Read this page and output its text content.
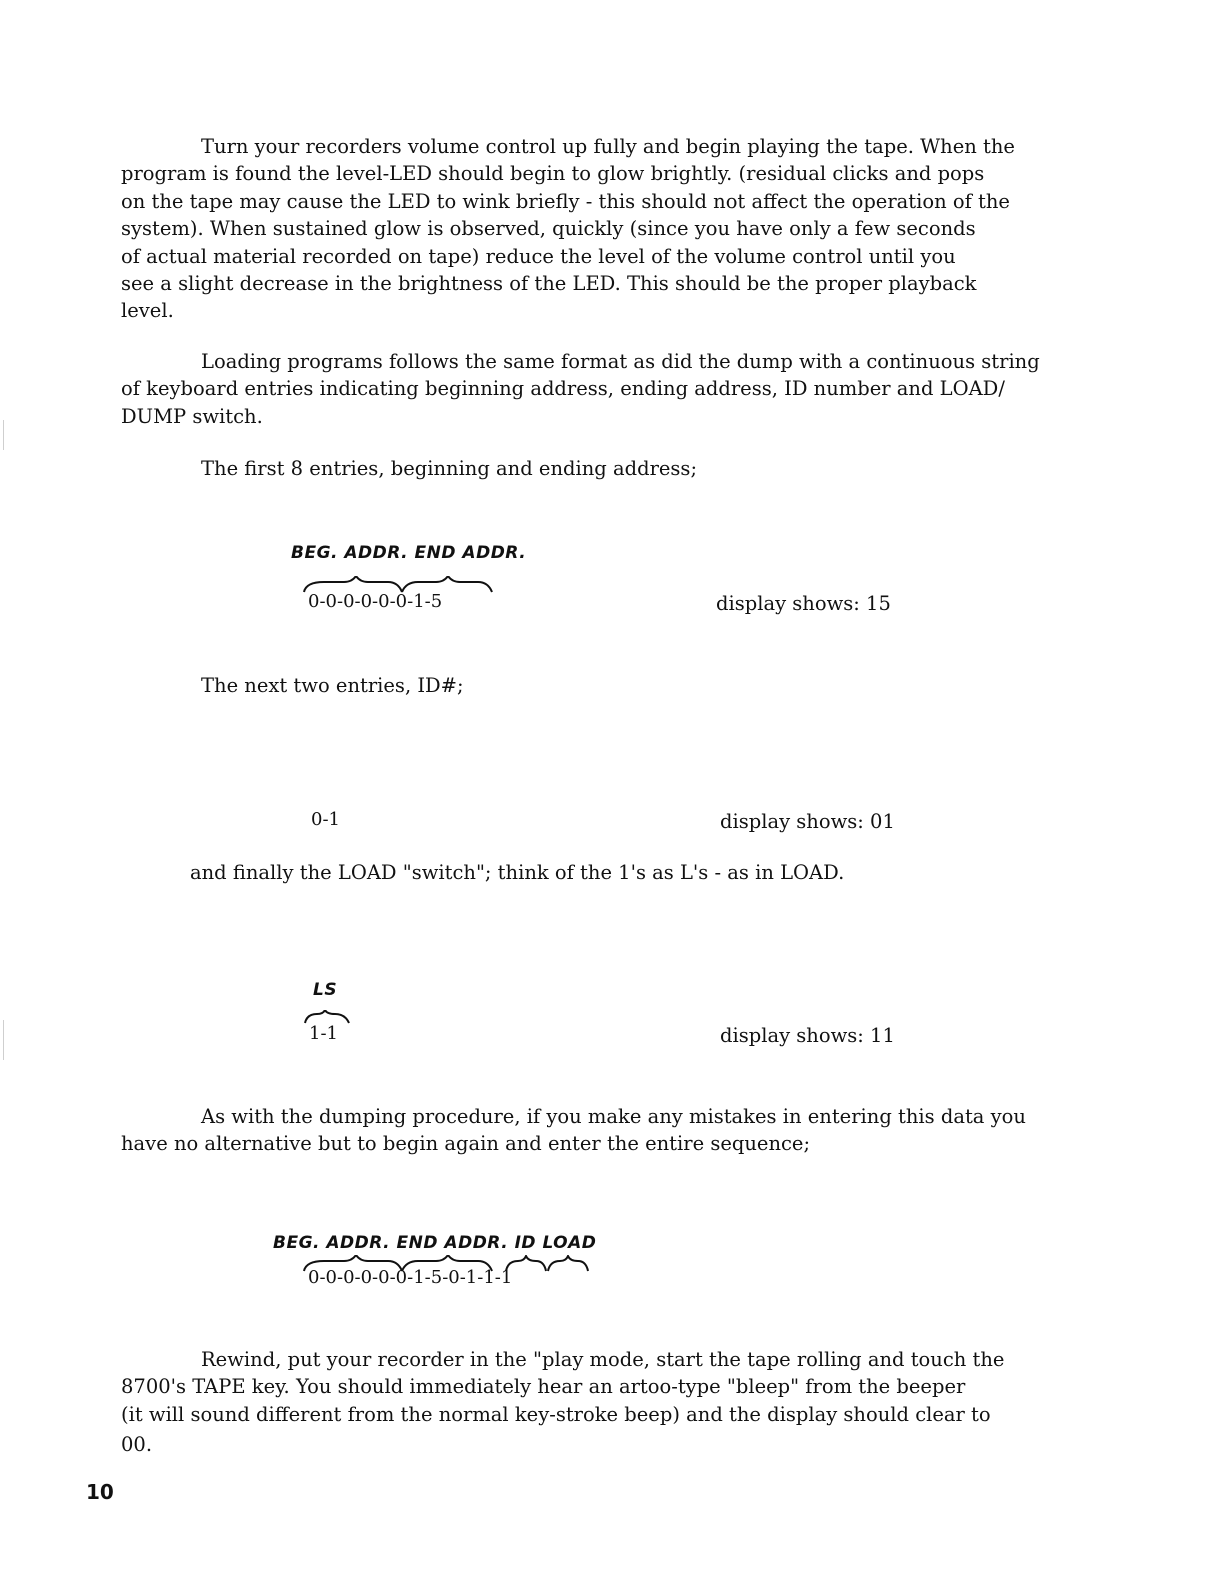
Turn your recorders volume control up fully and begin playing the tape. When the
program is found the level-LED should begin to glow brightly. (residual clicks and pops
on the tape may cause the LED to wink briefly - this should not affect the operation of the
system). When sustained glow is observed, quickly (since you have only a few seconds
of actual material recorded on tape) reduce the level of the volume control until you
see a slight decrease in the brightness of the LED. This should be the proper playback
level.
Loading programs follows the same format as did the dump with a continuous string
of keyboard entries indicating beginning address, ending address, ID number and LOAD/
DUMP switch.
The first 8 entries, beginning and ending address;
BEG. ADDR. END ADDR.
0-0-0-0-0-0-1-5	display shows: 15
The next two entries, ID#;
0-1	display shows: 01
and finally the LOAD "switch"; think of the 1's as L's - as in LOAD.
LS
1-1	display shows: 11
As with the dumping procedure, if you make any mistakes in entering this data you
have no alternative but to begin again and enter the entire sequence;
BEG. ADDR. END ADDR. ID LOAD
0-0-0-0-0-0-1-5-0-1-1-1
Rewind, put your recorder in the "play mode, start the tape rolling and touch the
8700's TAPE key. You should immediately hear an artoo-type "bleep" from the beeper
(it will sound different from the normal key-stroke beep) and the display should clear to
00.
10
